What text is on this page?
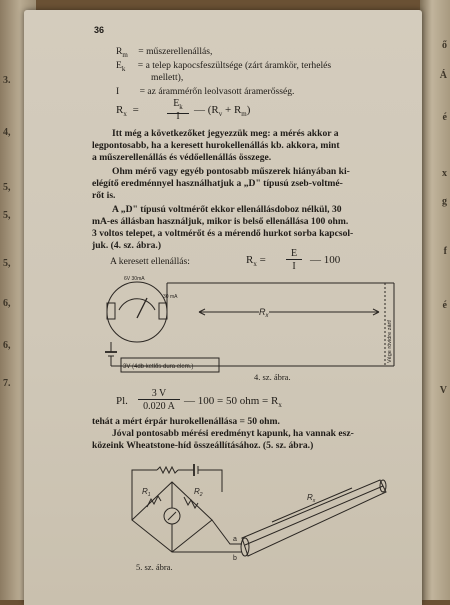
3.
4,
5,
5,
5,
6,
6,
7.
ő
Á
é
x
g
f
é
V
36
$R_m$ = műszerellenállás,
$E_k = a$ telep kapocsfeszültsége (zárt áramkör, terhelés
mellett),
I = az árammérőn leolvasott áramerősség.
$R_x$ =
$E_k$
I
— $(R_v + R_m)$
Itt még a következőket jegyezzük meg: a mérés akkor a
legpontosabb, ha a keresett hurokellenállás kb. akkora, mint
a műszerellenállás és védőellenállás összege.
Ohm mérő vagy egyéb pontosabb műszerek hiányában ki-
elégítő eredménnyel használhatjuk a „D" típusú zseb-voltmé-
rőt is.
A „D" típusú voltmérőt ekkor ellenállásdoboz nélkül, 30
mA-es állásban használjuk, mikor is belső ellenállása 100 ohm.
3 voltos telepet, a voltmérőt és a mérendő hurkot sorba kapcsol-
juk. (4. sz. ábra.)
A keresett ellenállás:	$R_x$ =
E
I
— 100
6V 30mA
30 mA
$R_x$
3V (4db ketlős dura elem.)
Vége rövidre zárt!
4. sz. ábra.
Pl.
3 V
0.020 A — 100 = 50 ohm = $R_x$
tehát a mért érpár hurokellenállása = 50 ohm.
Jóval pontosabb mérési eredményt kapunk, ha vannak esz-
közeink Wheatstone-híd összeállításához. (5. sz. ábra.)
$R_1$	$R_2$	$R_x$
a
b
5. sz. ábra.
